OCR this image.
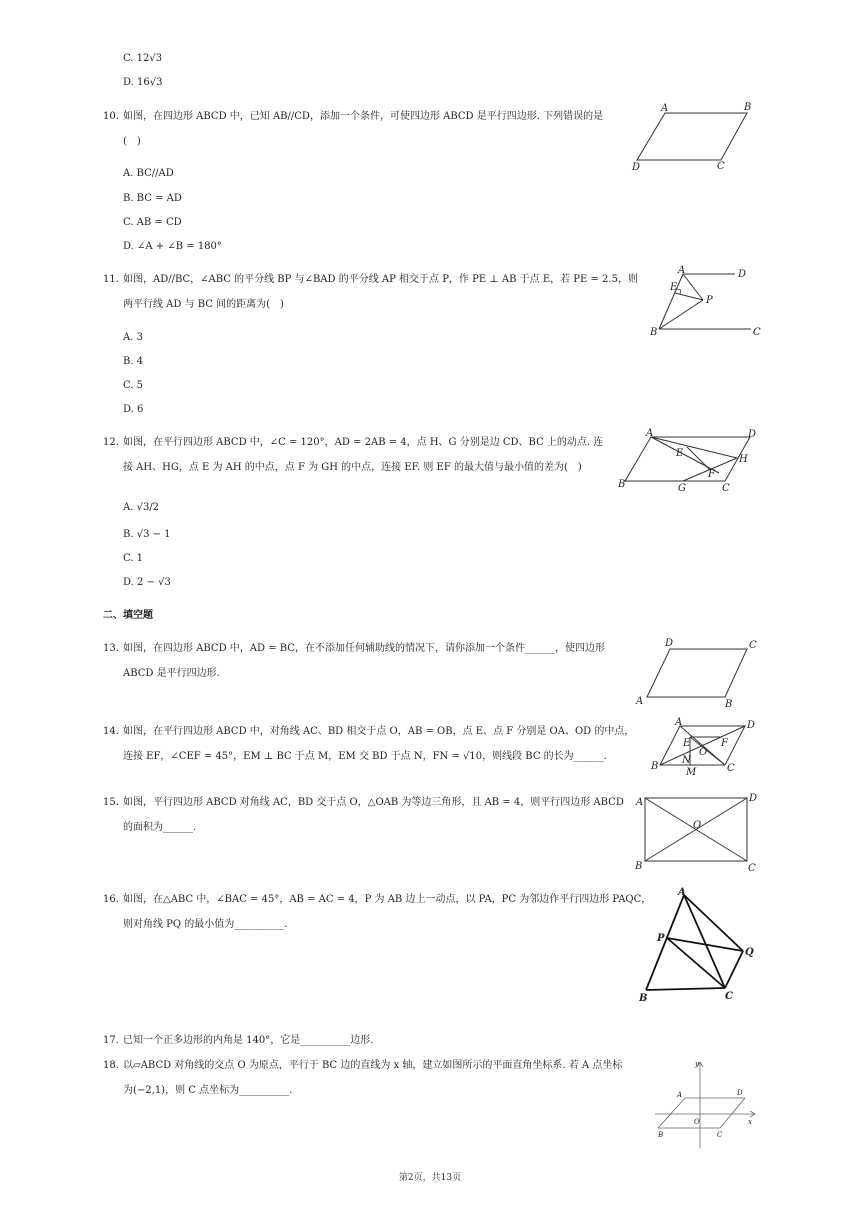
C. 12√3
D. 16√3
10. 如图，在四边形 ABCD 中，已知 AB//CD，添加一个条件，可使四边形 ABCD 是平行四边形. 下列错误的是
(　)
A. BC//AD
B. BC = AD
C. AB = CD
D. ∠A + ∠B = 180°
A	B
C
D
11. 如图，AD//BC，∠ABC 的平分线 BP 与∠BAD 的平分线 AP 相交于点 P，作 PE ⊥ AB 于点 E，若 PE = 2.5，则
两平行线 AD 与 BC 间的距离为(　)
A. 3
B. 4
C. 5
D. 6
A	D
E
P
B	C
12. 如图，在平行四边形 ABCD 中，∠C = 120°，AD = 2AB = 4，点 H、G 分别是边 CD、BC 上的动点. 连
接 AH、HG，点 E 为 AH 的中点，点 F 为 GH 的中点，连接 EF. 则 EF 的最大值与最小值的差为(　)
A. √3/2
B. √3 − 1
C. 1
D. 2 − √3
A	D
E
H
F
B	G	C
二、填空题
13. 如图，在四边形 ABCD 中，AD = BC，在不添加任何辅助线的情况下，请你添加一个条件______，使四边形
ABCD 是平行四边形.
D	C
A	B
14. 如图，在平行四边形 ABCD 中，对角线 AC、BD 相交于点 O，AB = OB，点 E、点 F 分别是 OA、OD 的中点，
连接 EF，∠CEF = 45°，EM ⊥ BC 于点 M，EM 交 BD 于点 N，FN = √10，则线段 BC 的长为______.
A	D
E	F
O
N
B
M	C
15. 如图，平行四边形 ABCD 对角线 AC，BD 交于点 O，△OAB 为等边三角形，且 AB = 4，则平行四边形 ABCD
的面积为______.
A	D
O
B	C
16. 如图，在△ABC 中，∠BAC = 45°，AB = AC = 4，P 为 AB 边上一动点，以 PA，PC 为邻边作平行四边形 PAQC，
则对角线 PQ 的最小值为__________.
A
P
Q
B	C
17. 已知一个正多边形的内角是 140°，它是__________边形.
18. 以▱ABCD 对角线的交点 O 为原点，平行于 BC 边的直线为 x 轴，建立如图所示的平面直角坐标系. 若 A 点坐标
为(−2,1)，则 C 点坐标为__________.
y
A	D
O	x
B	C
第2页，共13页
